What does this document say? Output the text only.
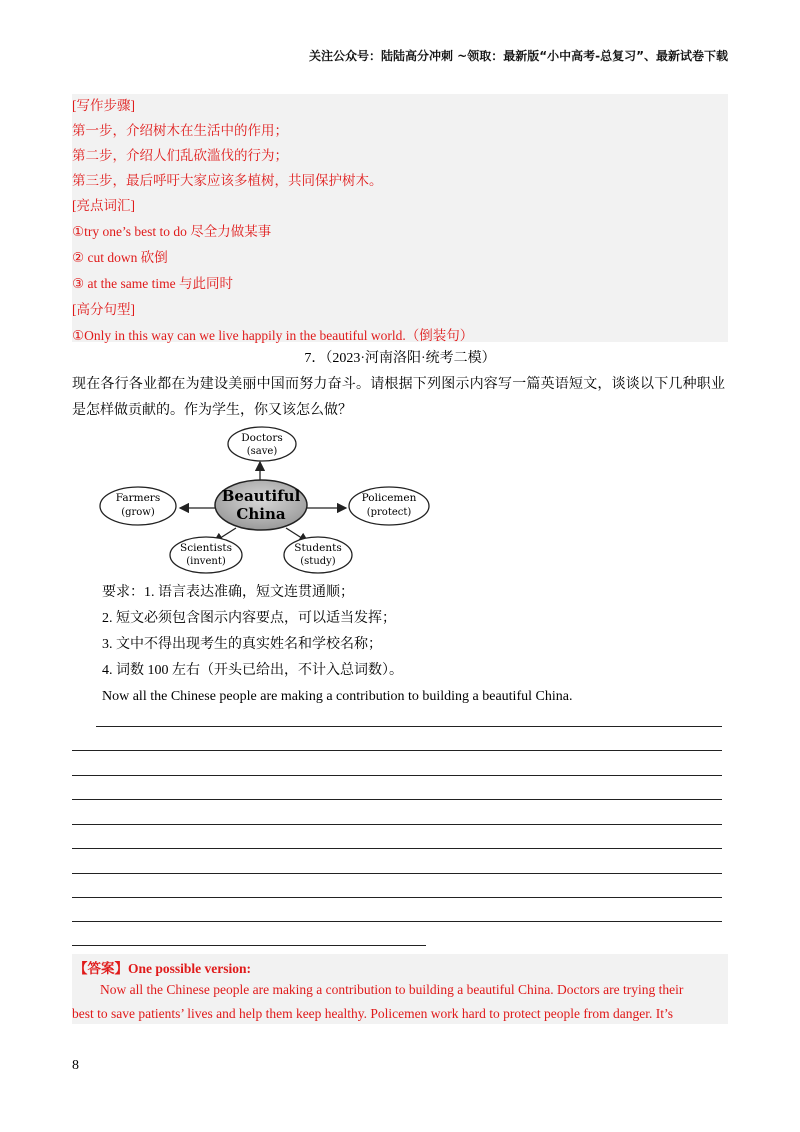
关注公众号：陆陆高分冲刺 ~领取：最新版“小中高考-总复习”、最新试卷下载
[写作步骤]
第一步，介绍树木在生活中的作用；
第二步，介绍人们乱砍滥伐的行为；
第三步，最后呼吁大家应该多植树，共同保护树木。
[亮点词汇]
①try one’s best to do 尽全力做某事
② cut down 砍倒
③ at the same time 与此同时
[高分句型]
①Only in this way can we live happily in the beautiful world.（倒装句）
7．（2023·河南洛阳·统考二模）
现在各行各业都在为建设美丽中国而努力奋斗。请根据下列图示内容写一篇英语短文，谈谈以下几种职业
是怎样做贡献的。作为学生，你又该怎么做？
Beautiful
China
Doctors
(save)
Farmers
(grow)
Policemen
(protect)
Scientists
(invent)
Students
(study)
要求：1. 语言表达准确，短文连贯通顺；
2. 短文必须包含图示内容要点，可以适当发挥；
3. 文中不得出现考生的真实姓名和学校名称；
4. 词数 100 左右（开头已给出，不计入总词数）。
Now all the Chinese people are making a contribution to building a beautiful China.
【答案】One possible version:
Now all the Chinese people are making a contribution to building a beautiful China. Doctors are trying their
best to save patients’ lives and help them keep healthy. Policemen work hard to protect people from danger. It’s
8
